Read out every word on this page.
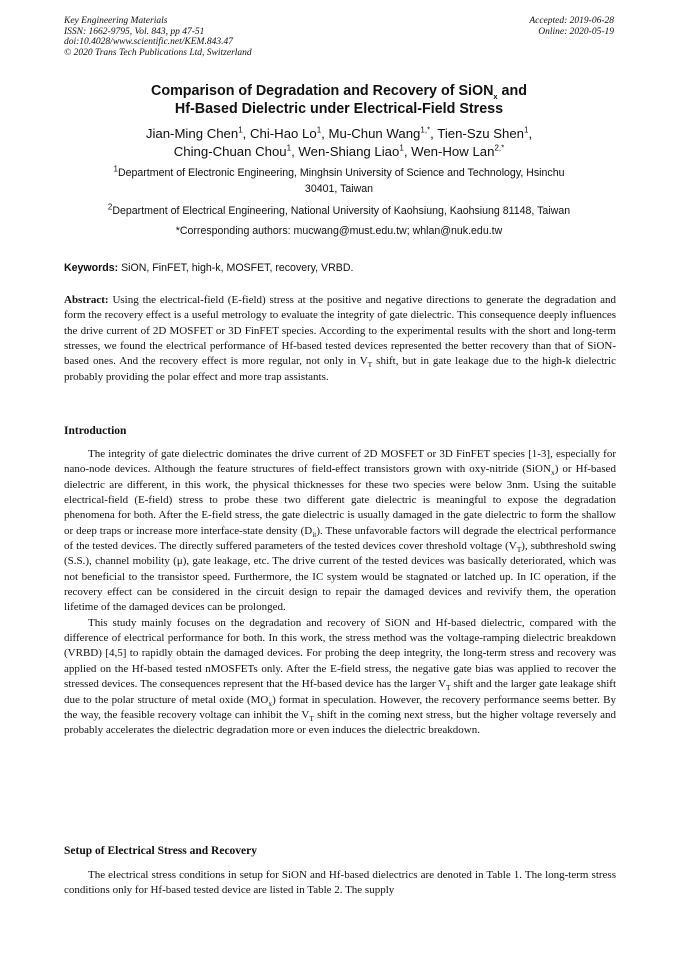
Key Engineering Materials
ISSN: 1662-9795, Vol. 843, pp 47-51
doi:10.4028/www.scientific.net/KEM.843.47
© 2020 Trans Tech Publications Ltd, Switzerland
Accepted: 2019-06-28
Online: 2020-05-19
Comparison of Degradation and Recovery of SiON$_x$ and
Hf-Based Dielectric under Electrical-Field Stress
Jian-Ming Chen$^1$, Chi-Hao Lo$^1$, Mu-Chun Wang$^{1,*}$, Tien-Szu Shen$^1$,
Ching-Chuan Chou$^1$, Wen-Shiang Liao$^1$, Wen-How Lan$^{2,*}$
$^1$Department of Electronic Engineering, Minghsin University of Science and Technology, Hsinchu
30401, Taiwan
$^2$Department of Electrical Engineering, National University of Kaohsiung, Kaohsiung 81148, Taiwan
*Corresponding authors: mucwang@must.edu.tw; whlan@nuk.edu.tw
Keywords: SiON, FinFET, high-k, MOSFET, recovery, VRBD.

Abstract: Using the electrical-field (E-field) stress at the positive and negative directions to generate the degradation and form the recovery effect is a useful metrology to evaluate the integrity of gate dielectric. This consequence deeply influences the drive current of 2D MOSFET or 3D FinFET species. According to the experimental results with the short and long-term stresses, we found the electrical performance of Hf-based tested devices represented the better recovery than that of SiON-based ones. And the recovery effect is more regular, not only in $V_T$ shift, but in gate leakage due to the high-k dielectric probably providing the polar effect and more trap assistants.

Introduction

The integrity of gate dielectric dominates the drive current of 2D MOSFET or 3D FinFET species [1-3], especially for nano-node devices. Although the feature structures of field-effect transistors grown with oxy-nitride (SiON$_x$) or Hf-based dielectric are different, in this work, the physical thicknesses for these two species were below 3nm. Using the suitable electrical-field (E-field) stress to probe these two different gate dielectric is meaningful to expose the degradation phenomena for both. After the E-field stress, the gate dielectric is usually damaged in the gate dielectric to form the shallow or deep traps or increase more interface-state density $(D_{it})$. These unfavorable factors will degrade the electrical performance of the tested devices. The directly suffered parameters of the tested devices cover threshold voltage $(V_T)$, subthreshold swing (S.S.), channel mobility (μ), gate leakage, etc. The drive current of the tested devices was basically deteriorated, which was not beneficial to the transistor speed. Furthermore, the IC system would be stagnated or latched up. In IC operation, if the recovery effect can be considered in the circuit design to repair the damaged devices and revivify them, the operation lifetime of the damaged devices can be prolonged.

This study mainly focuses on the degradation and recovery of SiON and Hf-based dielectric, compared with the difference of electrical performance for both. In this work, the stress method was the voltage-ramping dielectric breakdown (VRBD) [4,5] to rapidly obtain the damaged devices. For probing the deep integrity, the long-term stress and recovery was applied on the Hf-based tested nMOSFETs only. After the E-field stress, the negative gate bias was applied to recover the stressed devices. The consequences represent that the Hf-based device has the larger $V_T$ shift and the larger gate leakage shift due to the polar structure of metal oxide $(MO_x)$ format in speculation. However, the recovery performance seems better. By the way, the feasible recovery voltage can inhibit the $V_T$ shift in the coming next stress, but the higher voltage reversely and probably accelerates the dielectric degradation more or even induces the dielectric breakdown.

Setup of Electrical Stress and Recovery

The electrical stress conditions in setup for SiON and Hf-based dielectrics are denoted in Table 1. The long-term stress conditions only for Hf-based tested device are listed in Table 2. The supply
